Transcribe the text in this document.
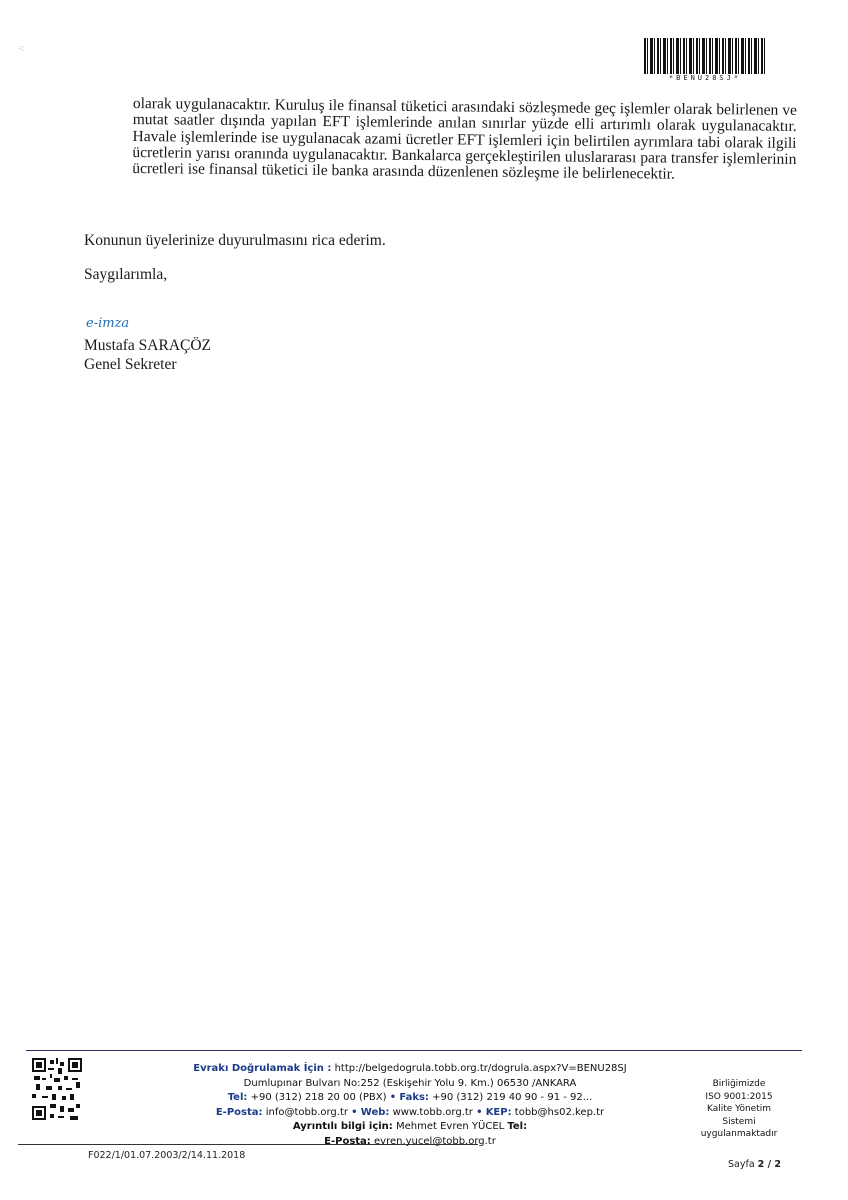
⁖
*BENU28SJ*
olarak uygulanacaktır. Kuruluş ile finansal tüketici arasındaki sözleşmede geç işlemler olarak belirlenen ve mutat saatler dışında yapılan EFT işlemlerinde anılan sınırlar yüzde elli artırımlı olarak uygulanacaktır. Havale işlemlerinde ise uygulanacak azami ücretler EFT işlemleri için belirtilen ayrımlara tabi olarak ilgili ücretlerin yarısı oranında uygulanacaktır. Bankalarca gerçekleştirilen uluslararası para transfer işlemlerinin ücretleri ise finansal tüketici ile banka arasında düzenlenen sözleşme ile belirlenecektir.
Konunun üyelerinize duyurulmasını rica ederim.
Saygılarımla,
e-imza
Mustafa SARAÇÖZ
Genel Sekreter
Evrakı Doğrulamak İçin : http://belgedogrula.tobb.org.tr/dogrula.aspx?V=BENU28SJ
Dumlupınar Bulvarı No:252 (Eskişehir Yolu 9. Km.) 06530 /ANKARA
Tel: +90 (312) 218 20 00 (PBX) • Faks: +90 (312) 219 40 90 - 91 - 92...
E-Posta: info@tobb.org.tr • Web: www.tobb.org.tr • KEP: tobb@hs02.kep.tr
Ayrıntılı bilgi için: Mehmet Evren YÜCEL Tel:
E-Posta: evren.yucel@tobb.org.tr
Birliğimizde
ISO 9001:2015
Kalite Yönetim
Sistemi
uygulanmaktadır
F022/1/01.07.2003/2/14.11.2018
Sayfa 2 / 2
